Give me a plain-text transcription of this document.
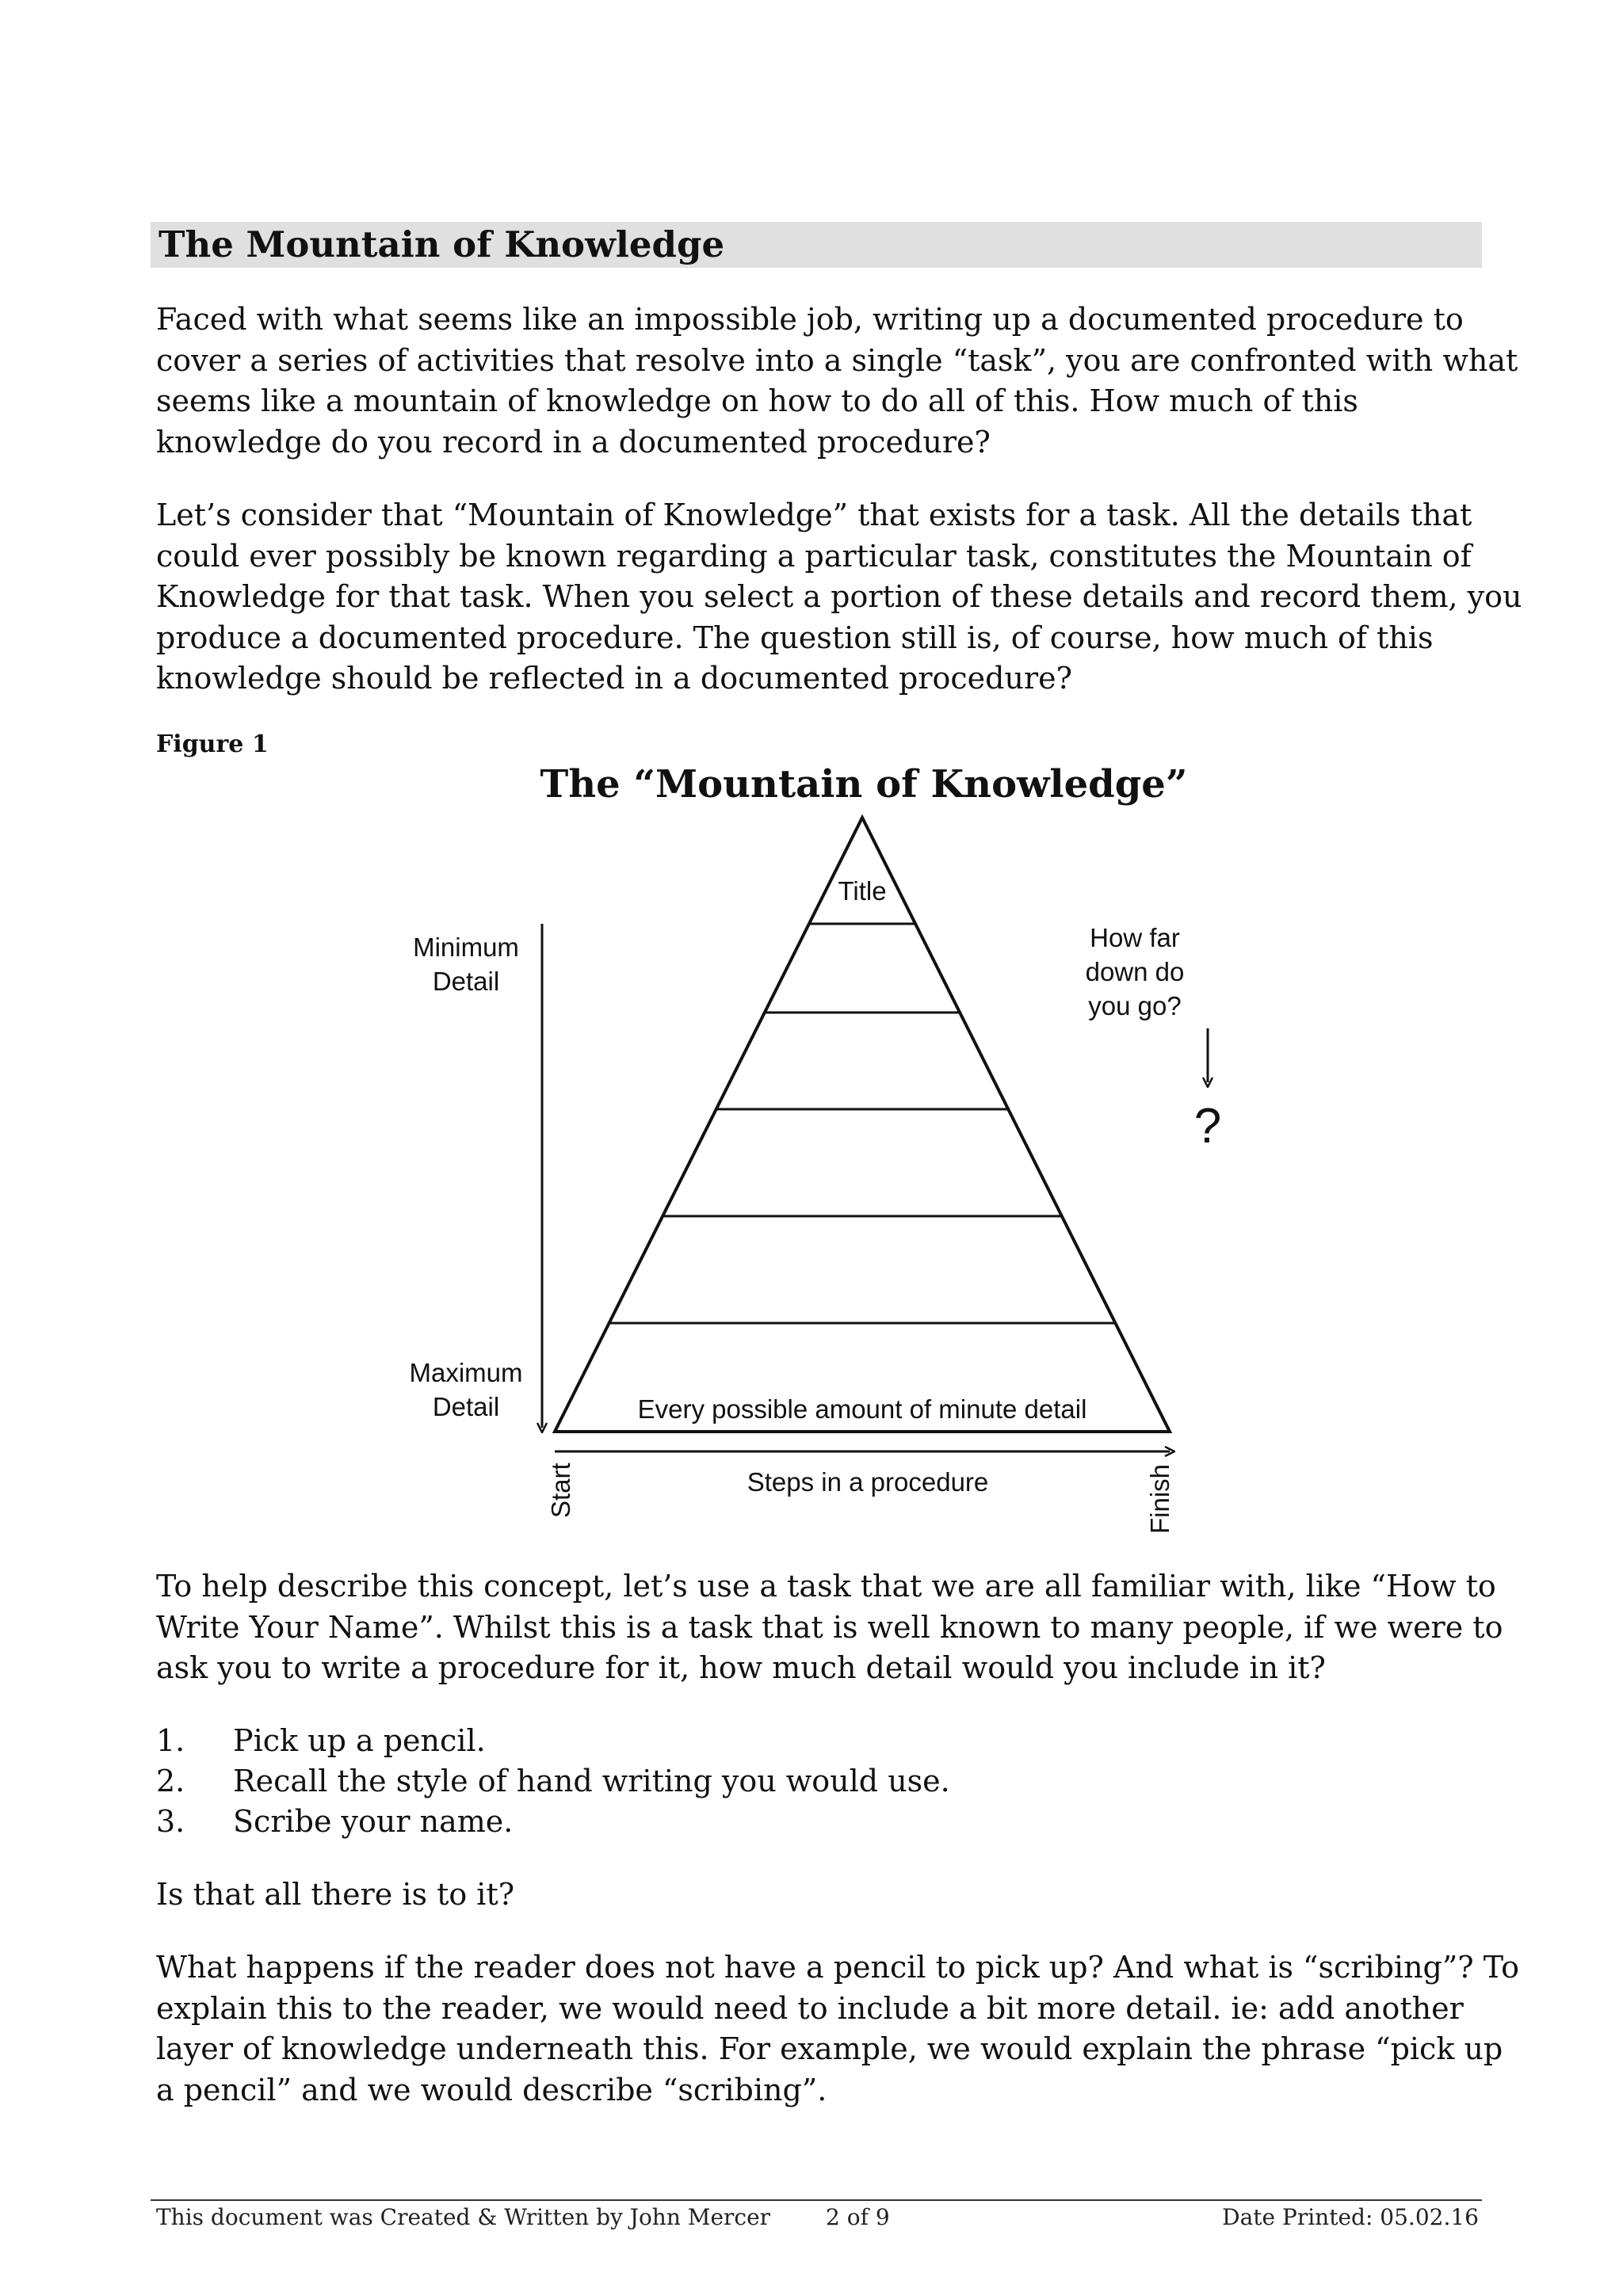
The Mountain of Knowledge
Faced with what seems like an impossible job, writing up a documented procedure to
cover a series of activities that resolve into a single “task”, you are confronted with what
seems like a mountain of knowledge on how to do all of this. How much of this
knowledge do you record in a documented procedure?
Let’s consider that “Mountain of Knowledge” that exists for a task. All the details that
could ever possibly be known regarding a particular task, constitutes the Mountain of
Knowledge for that task. When you select a portion of these details and record them, you
produce a documented procedure. The question still is, of course, how much of this
knowledge should be reflected in a documented procedure?
Figure 1
The “Mountain of Knowledge”
Title
Every possible amount of minute detail
Minimum
Detail
Maximum
Detail
How far
down do
you go?
?
Steps in a procedure
Start	Finish
To help describe this concept, let’s use a task that we are all familiar with, like “How to
Write Your Name”. Whilst this is a task that is well known to many people, if we were to
ask you to write a procedure for it, how much detail would you include in it?
1. Pick up a pencil.
2. Recall the style of hand writing you would use.
3. Scribe your name.
Is that all there is to it?
What happens if the reader does not have a pencil to pick up? And what is “scribing”? To
explain this to the reader, we would need to include a bit more detail. ie: add another
layer of knowledge underneath this. For example, we would explain the phrase “pick up
a pencil” and we would describe “scribing”.
This document was Created & Written by John Mercer 2 of 9	Date Printed: 05.02.16
